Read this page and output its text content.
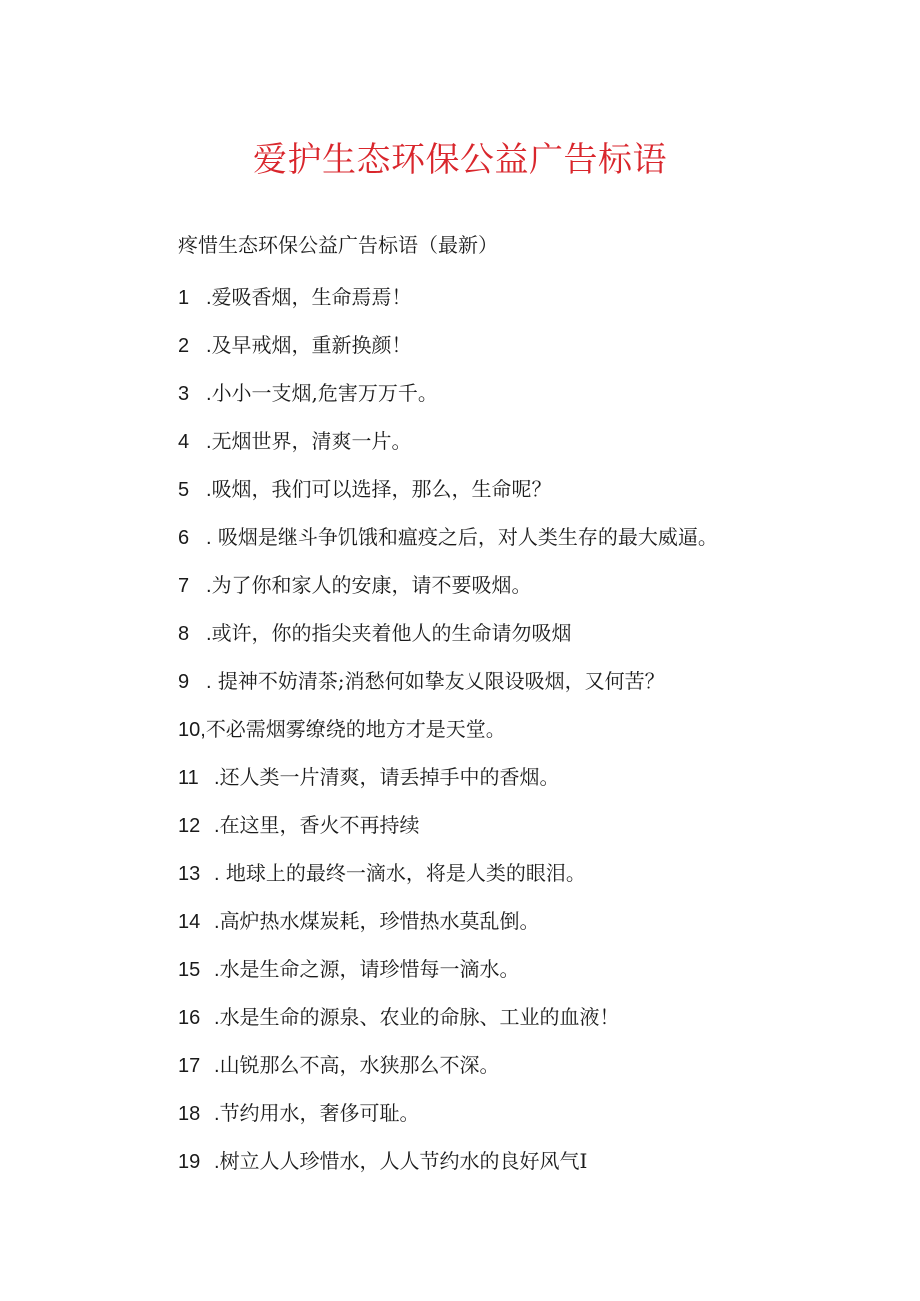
爱护生态环保公益广告标语

疼惜生态环保公益广告标语（最新）

1 .爱吸香烟，生命焉焉！
2 .及早戒烟，重新换颜！
3 .小小一支烟,危害万万千。
4 .无烟世界，清爽一片。
5 .吸烟，我们可以选择，那么，生命呢？
6 . 吸烟是继斗争饥饿和瘟疫之后，对人类生存的最大威逼。
7 .为了你和家人的安康，请不要吸烟。
8 .或许，你的指尖夹着他人的生命请勿吸烟
9 . 提神不妨清茶;消愁何如挚友乂限设吸烟，又何苦？
10,不必需烟雾缭绕的地方才是天堂。
11 .还人类一片清爽，请丢掉手中的香烟。
12 .在这里，香火不再持续
13 . 地球上的最终一滴水，将是人类的眼泪。
14 .高炉热水煤炭耗，珍惜热水莫乱倒。
15 .水是生命之源，请珍惜每一滴水。
16 .水是生命的源泉、农业的命脉、工业的血液！
17 .山锐那么不高，水狭那么不深。
18 .节约用水，奢侈可耻。
19 .树立人人珍惜水，人人节约水的良好风气I
